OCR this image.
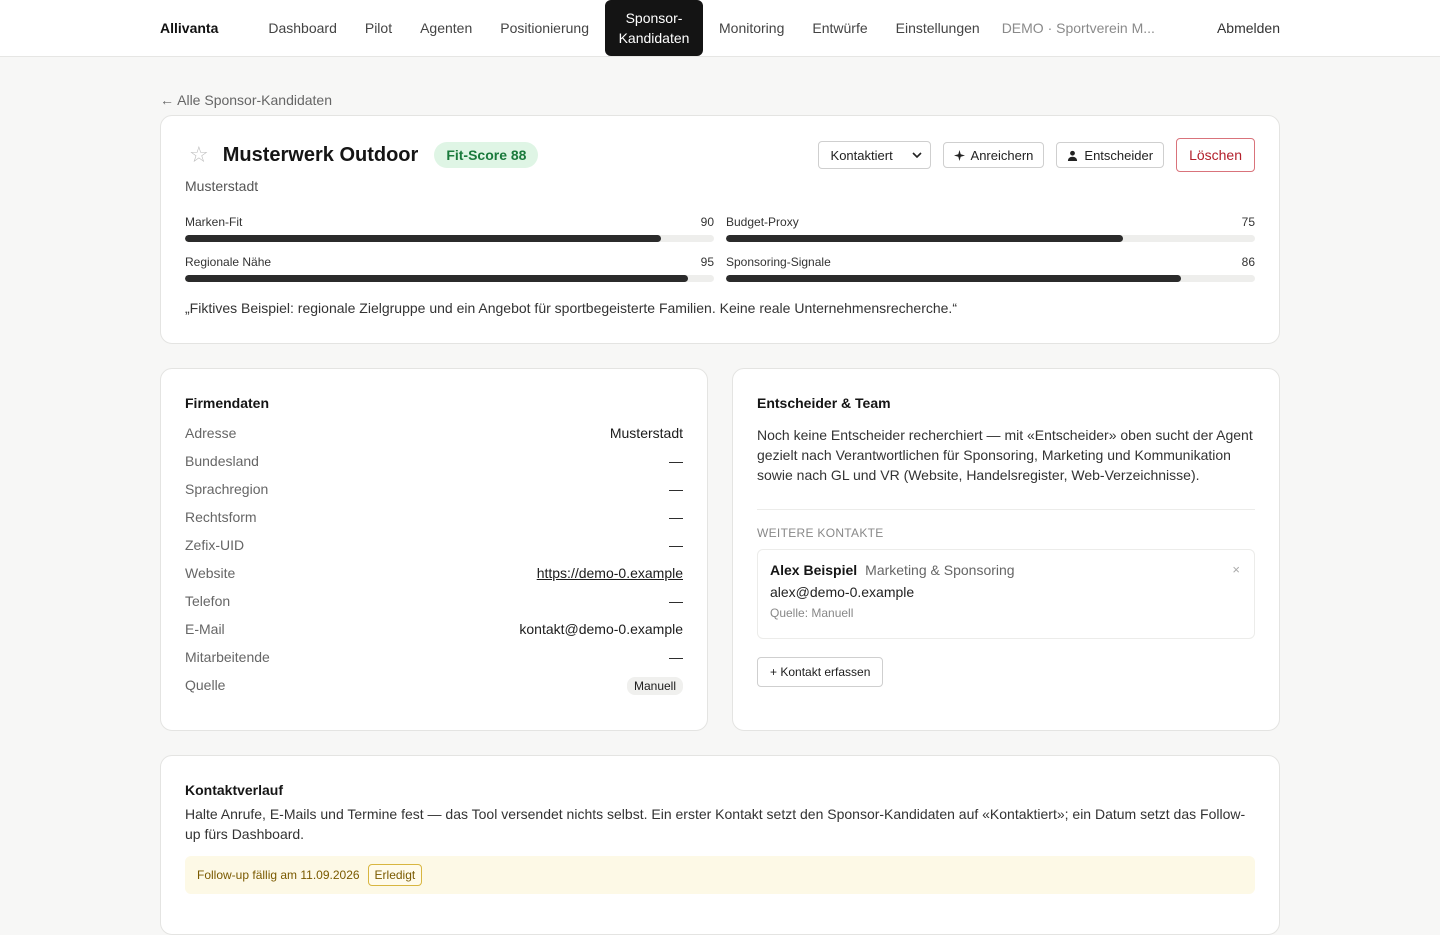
Allivanta	Dashboard	Pilot	Agenten	Positionierung
Sponsor-Kandidaten
Monitoring	Entwürfe	Einstellungen	DEMO · Sportverein M...	Abmelden
← Alle Sponsor-Kandidaten
☆ Musterwerk Outdoor	Fit-Score 88	Kontaktiert	Anreichern	Entscheider	Löschen
Musterstadt
Marken-Fit	90 Budget-Proxy	75
Regionale Nähe	95 Sponsoring-Signale	86
„Fiktives Beispiel: regionale Zielgruppe und ein Angebot für sportbegeisterte Familien. Keine reale Unternehmensrecherche.“
Firmendaten
Adresse	Musterstadt
Bundesland	—
Sprachregion	—
Rechtsform	—
Zefix-UID	—
Website	https://demo-0.example
Telefon	—
E-Mail	kontakt@demo-0.example
Mitarbeitende	—
Quelle	Manuell
Entscheider & Team
Noch keine Entscheider recherchiert — mit «Entscheider» oben sucht der Agent gezielt nach Verantwortlichen für Sponsoring, Marketing und Kommunikation sowie nach GL und VR (Website, Handelsregister, Web-Verzeichnisse).
WEITERE KONTAKTE
Alex Beispiel Marketing & Sponsoring
alex@demo-0.example
Quelle: Manuell
×
+ Kontakt erfassen
Kontaktverlauf
Halte Anrufe, E-Mails und Termine fest — das Tool versendet nichts selbst. Ein erster Kontakt setzt den Sponsor-Kandidaten auf «Kontaktiert»; ein Datum setzt das Follow-up fürs Dashboard.
Follow-up fällig am 11.09.2026	Erledigt
